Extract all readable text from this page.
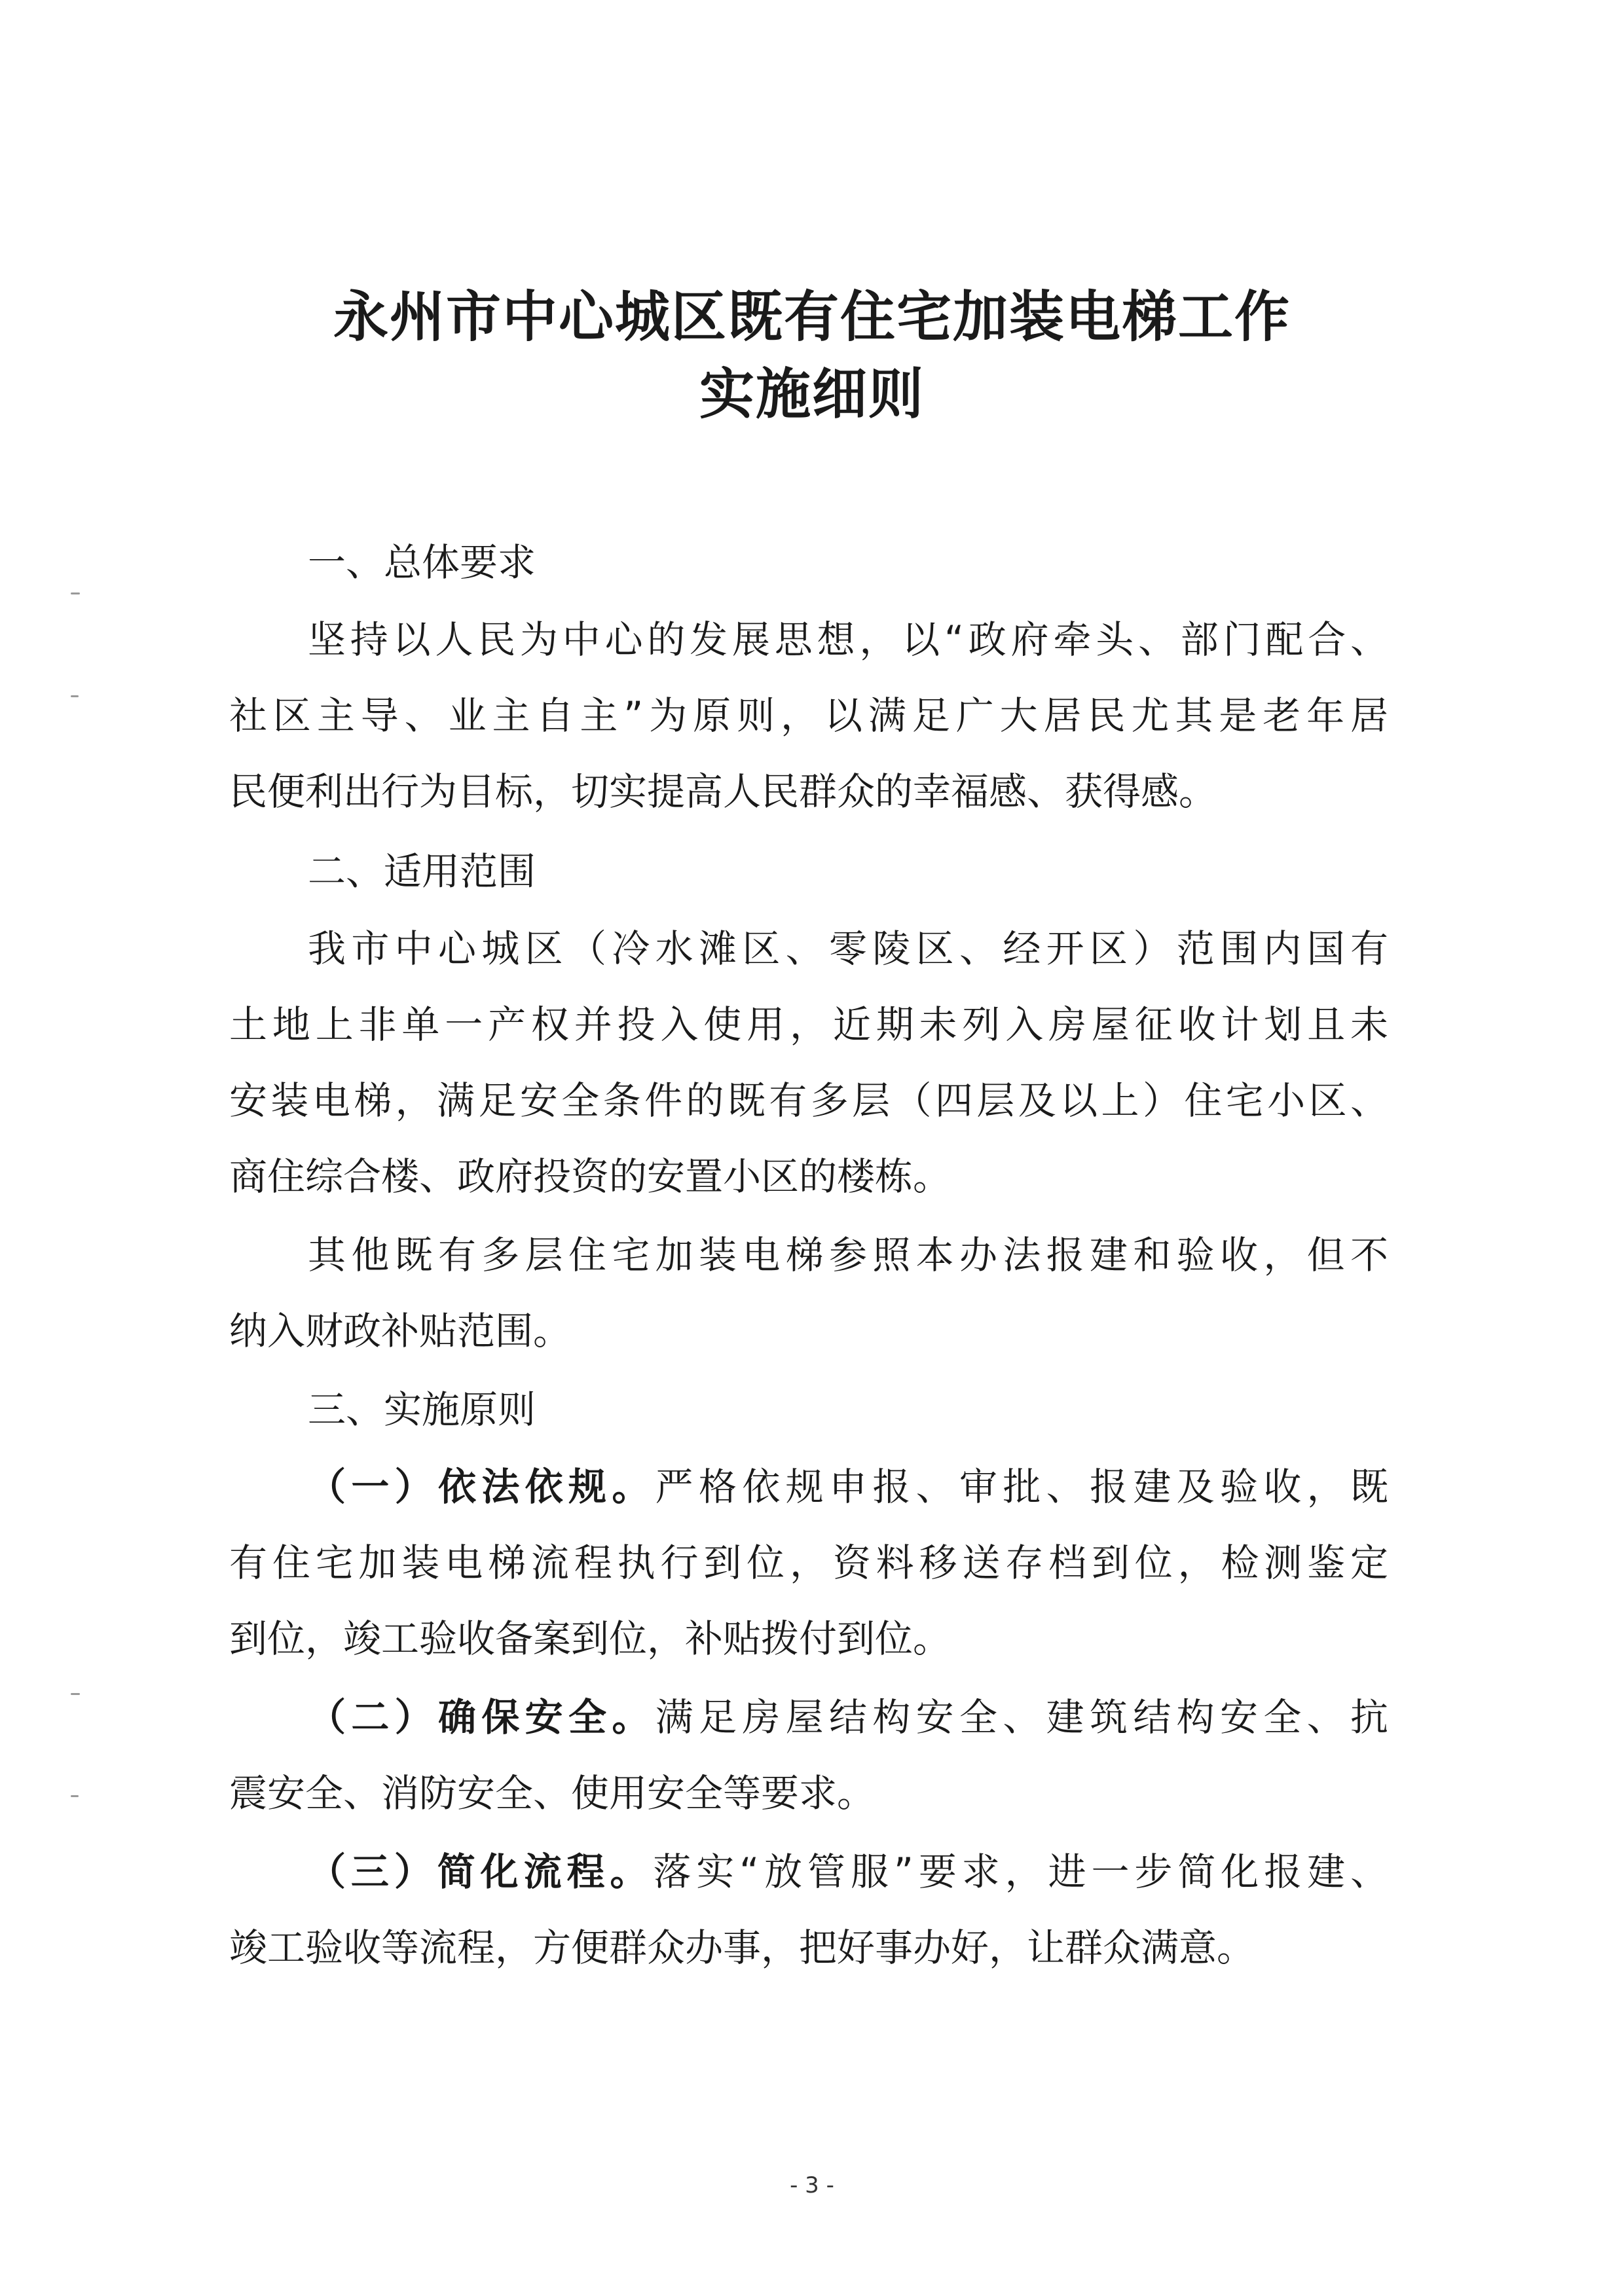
永州市中心城区既有住宅加装电梯工作
实施细则

一、总体要求

坚持以人民为中心的发展思想，以“政府牵头、部门配合、

社区主导、业主自主”为原则，以满足广大居民尤其是老年居

民便利出行为目标，切实提高人民群众的幸福感、获得感。

二、适用范围

我市中心城区（冷水滩区、零陵区、经开区）范围内国有

土地上非单一产权并投入使用，近期未列入房屋征收计划且未

安装电梯，满足安全条件的既有多层（四层及以上）住宅小区、

商住综合楼、政府投资的安置小区的楼栋。

其他既有多层住宅加装电梯参照本办法报建和验收，但不

纳入财政补贴范围。

三、实施原则

（一）依法依规。严格依规申报、审批、报建及验收，既

有住宅加装电梯流程执行到位，资料移送存档到位，检测鉴定

到位，竣工验收备案到位，补贴拨付到位。

（二）确保安全。满足房屋结构安全、建筑结构安全、抗

震安全、消防安全、使用安全等要求。

（三）简化流程。落实“放管服”要求，进一步简化报建、

竣工验收等流程，方便群众办事，把好事办好，让群众满意。

- 3 -
